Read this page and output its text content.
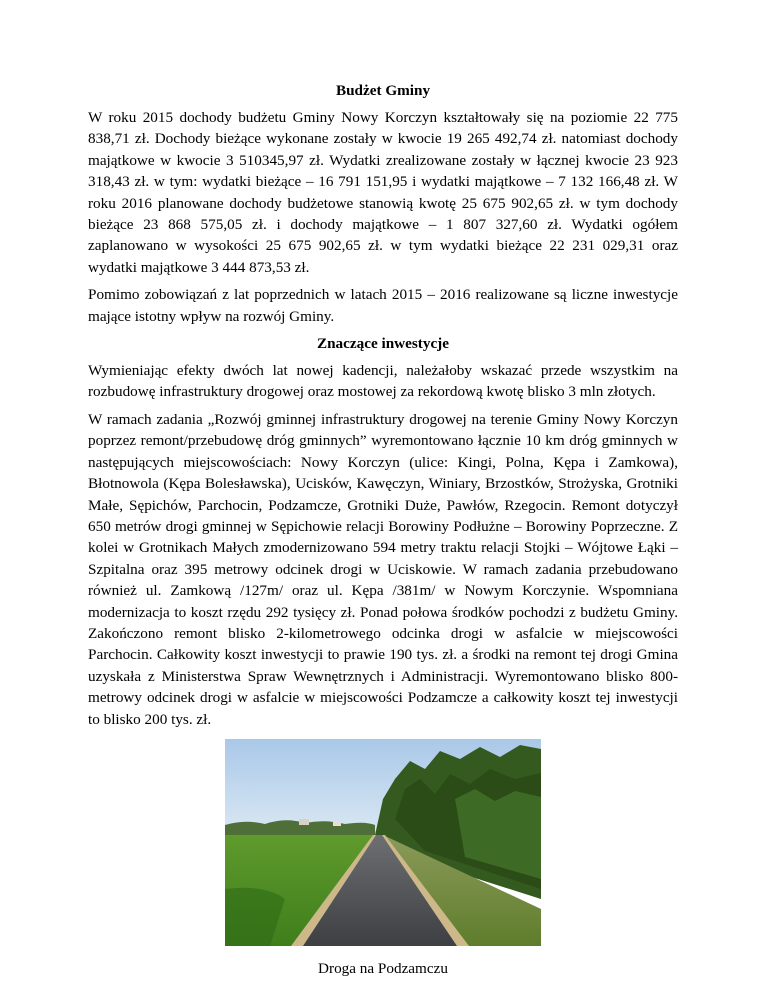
Budżet Gminy

W roku 2015 dochody budżetu Gminy Nowy Korczyn kształtowały się na poziomie 22 775 838,71 zł. Dochody bieżące wykonane zostały w kwocie 19 265 492,74 zł. natomiast dochody majątkowe w kwocie 3 510345,97 zł. Wydatki zrealizowane zostały w łącznej kwocie 23 923 318,43 zł. w tym: wydatki bieżące – 16 791 151,95 i wydatki majątkowe – 7 132 166,48 zł. W roku 2016 planowane dochody budżetowe stanowią kwotę 25 675 902,65 zł. w tym dochody bieżące 23 868 575,05 zł. i dochody majątkowe – 1 807 327,60 zł. Wydatki ogółem zaplanowano w wysokości 25 675 902,65 zł. w tym wydatki bieżące 22 231 029,31 oraz wydatki majątkowe 3 444 873,53 zł.

Pomimo zobowiązań z lat poprzednich w latach 2015 – 2016 realizowane są liczne inwestycje mające istotny wpływ na rozwój Gminy.

Znaczące inwestycje

Wymieniając efekty dwóch lat nowej kadencji, należałoby wskazać przede wszystkim na rozbudowę infrastruktury drogowej oraz mostowej za rekordową kwotę blisko 3 mln złotych.

W ramach zadania „Rozwój gminnej infrastruktury drogowej na terenie Gminy Nowy Korczyn poprzez remont/przebudowę dróg gminnych” wyremontowano łącznie 10 km dróg gminnych w następujących miejscowościach: Nowy Korczyn (ulice: Kingi, Polna, Kępa i Zamkowa), Błotnowola (Kępa Bolesławska), Ucisków, Kawęczyn, Winiary, Brzostków, Strożyska, Grotniki Małe, Sępichów, Parchocin, Podzamcze, Grotniki Duże, Pawłów, Rzegocin. Remont dotyczył 650 metrów drogi gminnej w Sępichowie relacji Borowiny Podłużne – Borowiny Poprzeczne. Z kolei w Grotnikach Małych zmodernizowano 594 metry traktu relacji Stojki – Wójtowe Łąki – Szpitalna oraz 395 metrowy odcinek drogi w Uciskowie. W ramach zadania przebudowano również ul. Zamkową /127m/ oraz ul. Kępa /381m/ w Nowym Korczynie. Wspomniana modernizacja to koszt rzędu 292 tysięcy zł. Ponad połowa środków pochodzi z budżetu Gminy. Zakończono remont blisko 2-kilometrowego odcinka drogi w asfalcie w miejscowości Parchocin. Całkowity koszt inwestycji to prawie 190 tys. zł. a środki na remont tej drogi Gmina uzyskała z Ministerstwa Spraw Wewnętrznych i Administracji. Wyremontowano blisko 800-metrowy odcinek drogi w asfalcie w miejscowości Podzamcze a całkowity koszt tej inwestycji to blisko 200 tys. zł.

Droga na Podzamczu
